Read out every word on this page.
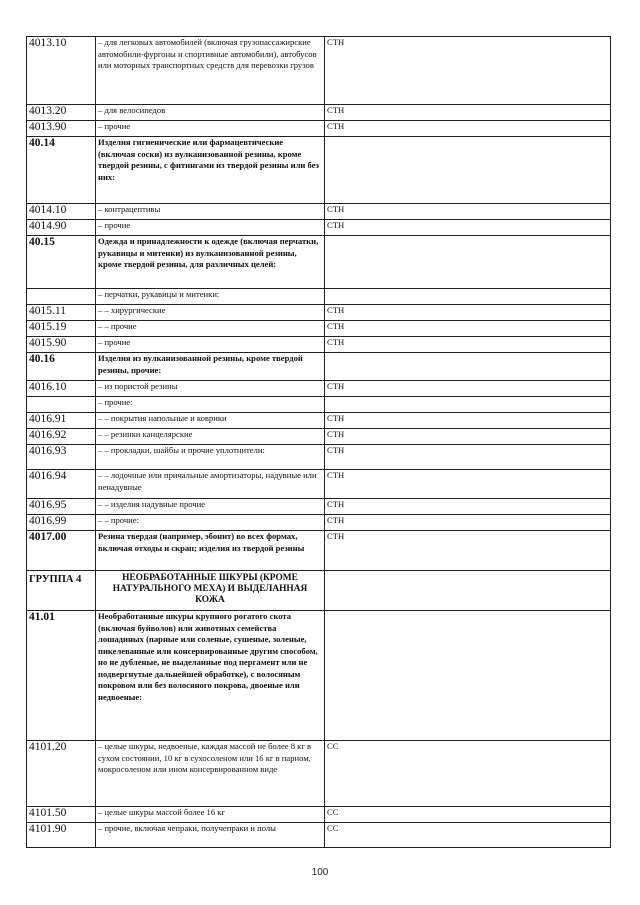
4013.10	– для легковых автомобилей (включая грузопассажирские автомобили-фургоны и спортивные автомобили), автобусов или моторных транспортных средств для перевозки грузов	СТН
4013.20	– для велосипедов	СТН
4013.90	– прочие	СТН
40.14	Изделия гигиенические или фармацевтические (включая соски) из вулканизованной резины, кроме твердой резины, с фитингами из твердой резины или без них:	
4014.10	– контрацептивы	СТН
4014.90	– прочие	СТН
40.15	Одежда и принадлежности к одежде (включая перчатки, рукавицы и митенки) из вулканизованной резины, кроме твердой резины, для различных целей:	
	– перчатки, рукавицы и митенки:	
4015.11	– – хирургические	СТН
4015.19	– – прочие	СТН
4015.90	– прочие	СТН
40.16	Изделия из вулканизованной резины, кроме твердой резины, прочие:	
4016.10	– из пористой резины	СТН
	– прочие:	
4016.91	– – покрытия напольные и коврики	СТН
4016.92	– – резинки канцелярские	СТН
4016.93	– – прокладки, шайбы и прочие уплотнители:	СТН
4016.94	– – лодочные или причальные амортизаторы, надувные или ненадувные	СТН
4016.95	– – изделия надувные прочие	СТН
4016.99	– – прочие:	СТН
4017.00	Резина твердая (например, эбонит) во всех формах, включая отходы и скрап; изделия из твердой резины	СТН
ГРУППА 4	НЕОБРАБОТАННЫЕ ШКУРЫ (КРОМЕ НАТУРАЛЬНОГО МЕХА) И ВЫДЕЛАННАЯ КОЖА	
41.01	Необработанные шкуры крупного рогатого скота (включая буйволов) или животных семейства лошадиных (парные или соленые, сушеные, золеные, пикелеванные или консервированные другим способом, но не дубленые, не выделанные под пергамент или не подвергнутые дальнейшей обработке), с волосяным покровом или без волосяного покрова, двоеные или недвоеные:	
4101.20	– целые шкуры, недвоеные, каждая массой не более 8 кг в сухом состоянии, 10 кг в сухосоленом или 16 кг в парном, мокросоленом или ином консервированном виде	СС
4101.50	– целые шкуры массой более 16 кг	СС
4101.90	– прочие, включая чепраки, получепраки и полы	СС
100
